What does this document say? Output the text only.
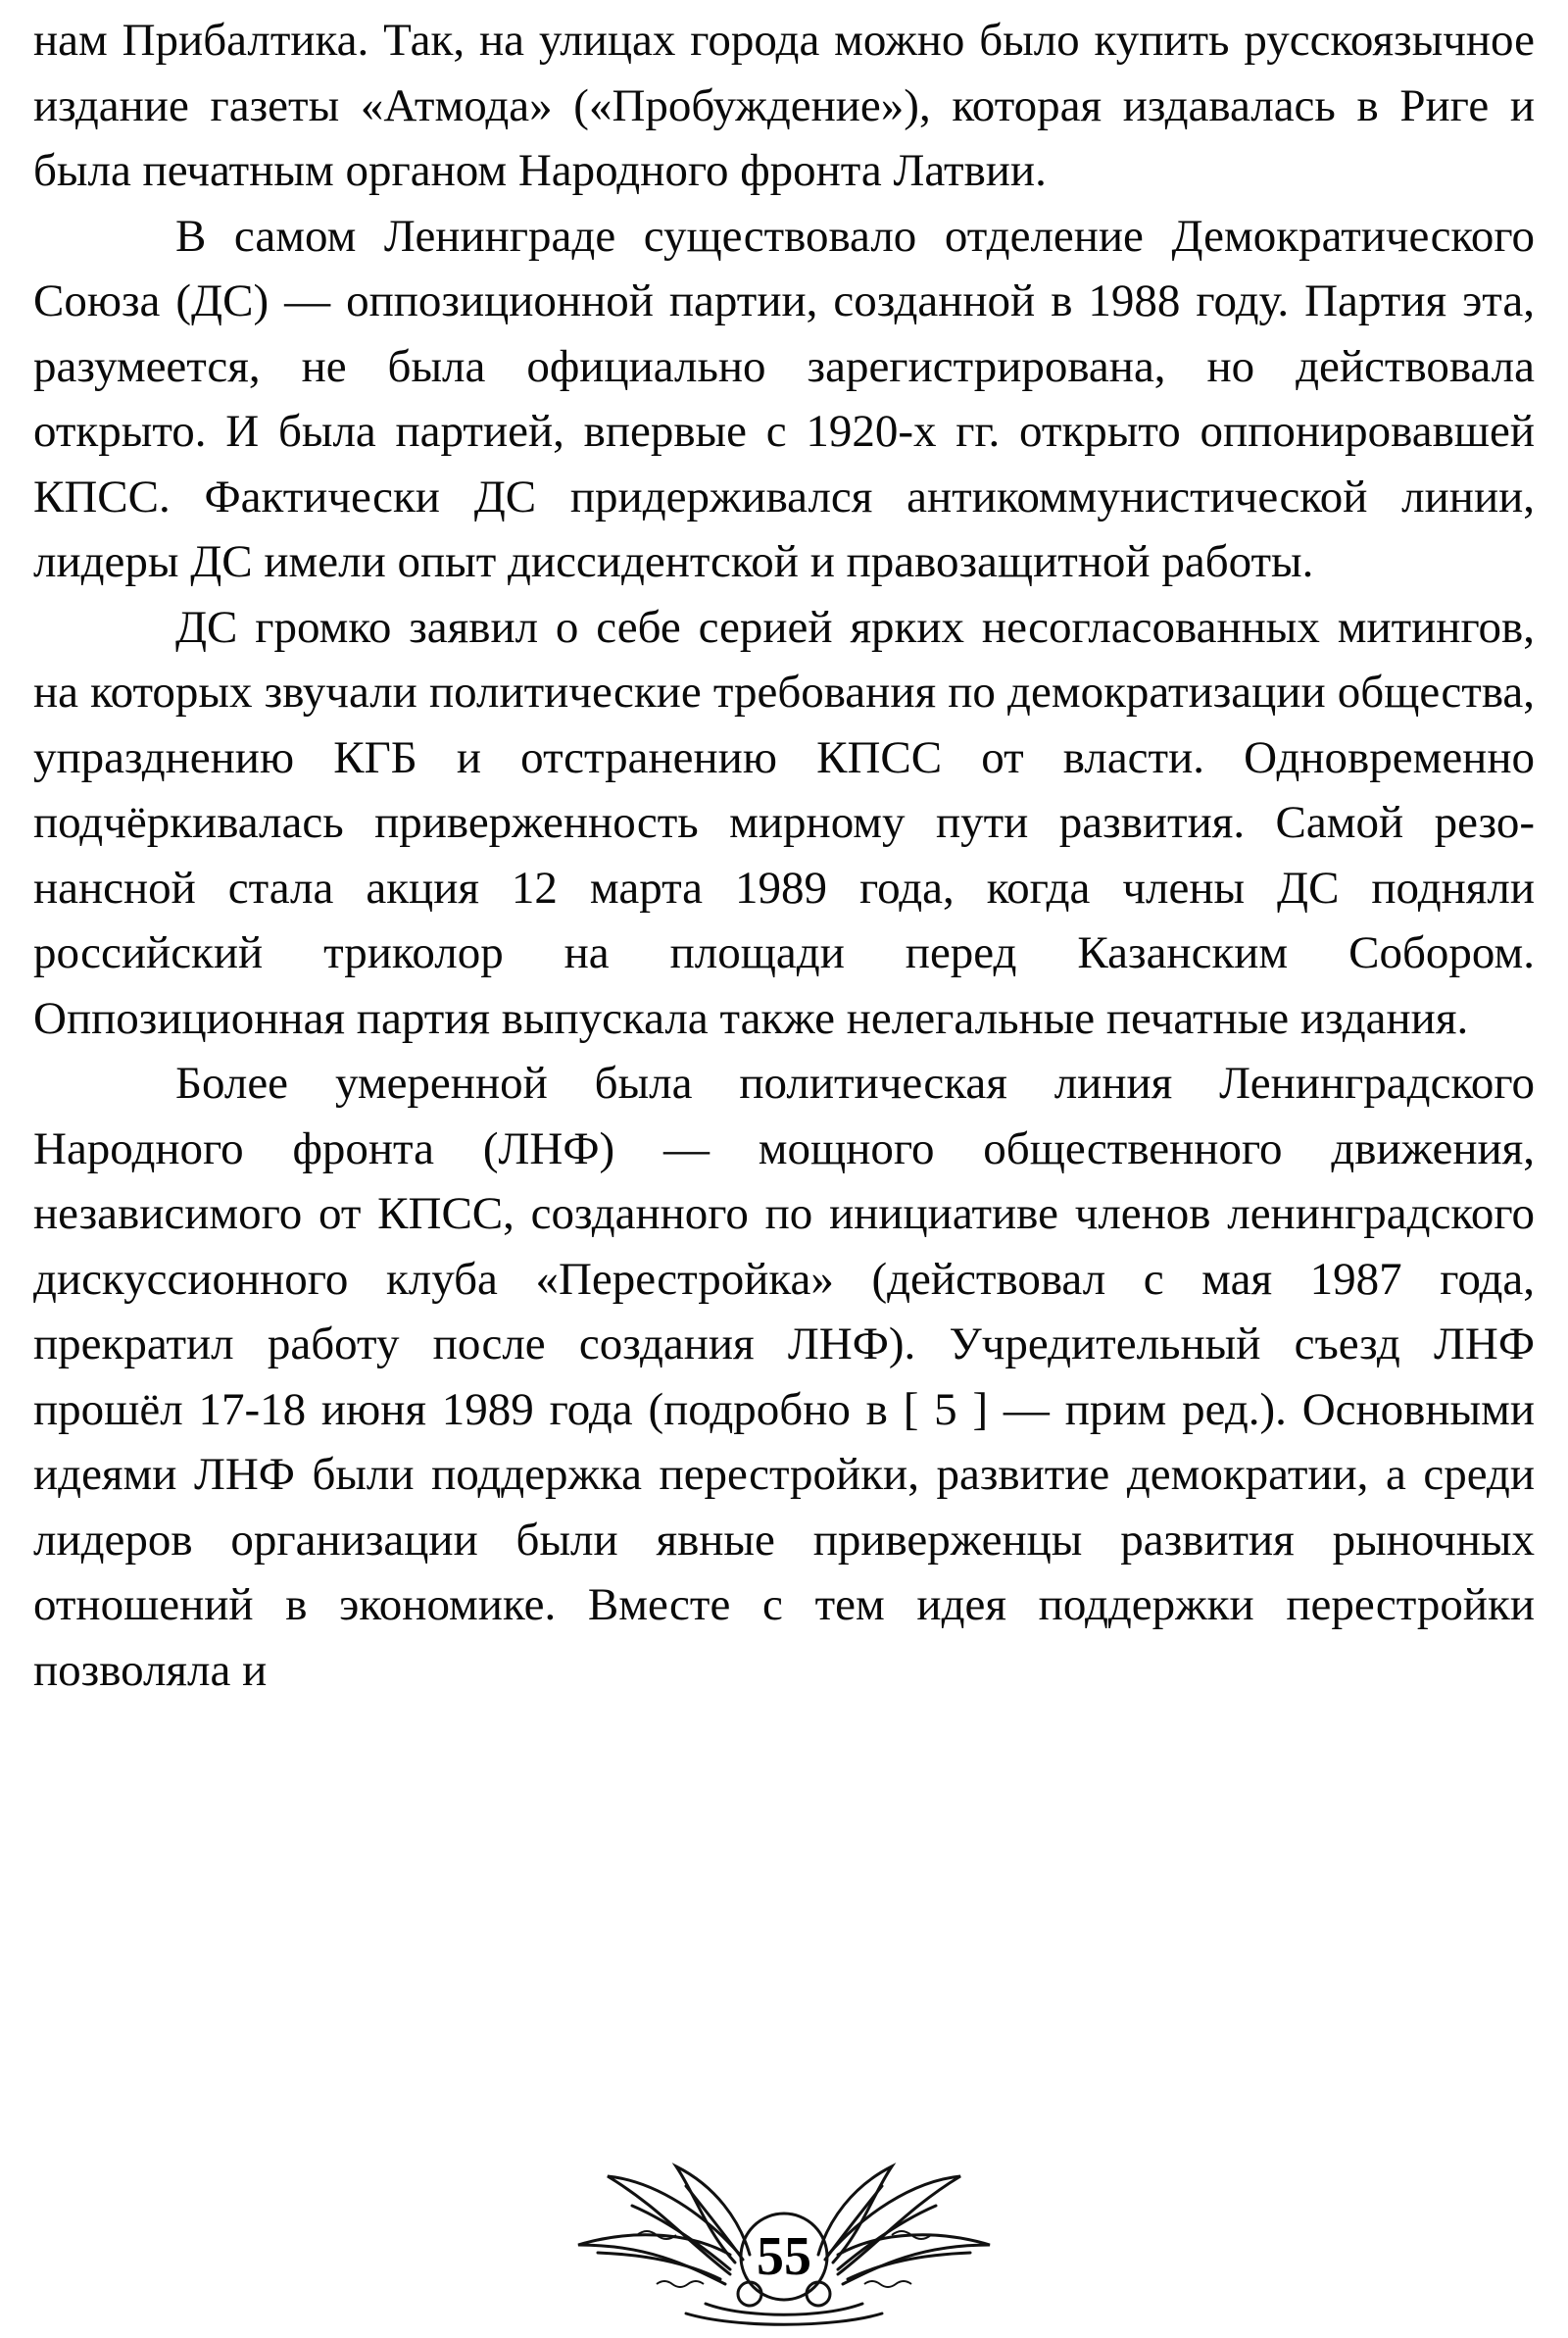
нам Прибалтика. Так, на улицах города можно было купить русскоязычное издание газеты «Атмода» («Пробуждение»), которая издавалась в Риге и была печатным органом Народного фронта Латвии.

В самом Ленинграде существовало отделение Демократического Союза (ДС) — оппозиционной партии, созданной в 1988 году. Партия эта, разумеется, не была официально зарегистрирована, но действовала открыто. И была партией, впервые с 1920-х гг. открыто оппонировавшей КПСС. Фактически ДС придерживался антикоммунистической линии, лидеры ДС имели опыт диссидентской и правозащитной работы.

ДС громко заявил о себе серией ярких несогласованных митингов, на которых звучали политические требования по демократизации общества, упразднению КГБ и отстранению КПСС от власти. Одновременно подчёркивалась приверженность мирному пути развития. Самой резонансной стала акция 12 марта 1989 года, когда члены ДС подняли российский триколор на площади перед Казанским Собором. Оппозиционная партия выпускала также нелегальные печатные издания.

Более умеренной была политическая линия Ленинградского Народного фронта (ЛНФ) — мощного общественного движения, независимого от КПСС, созданного по инициативе членов ленинградского дискуссионного клуба «Перестройка» (действовал с мая 1987 года, прекратил работу после создания ЛНФ). Учредительный съезд ЛНФ прошёл 17-18 июня 1989 года (подробно в [ 5 ] — прим ред.). Основными идеями ЛНФ были поддержка перестройки, развитие демократии, а среди лидеров организации были явные приверженцы развития рыночных отношений в экономике. Вместе с тем идея поддержки перестройки позволяла и

55
